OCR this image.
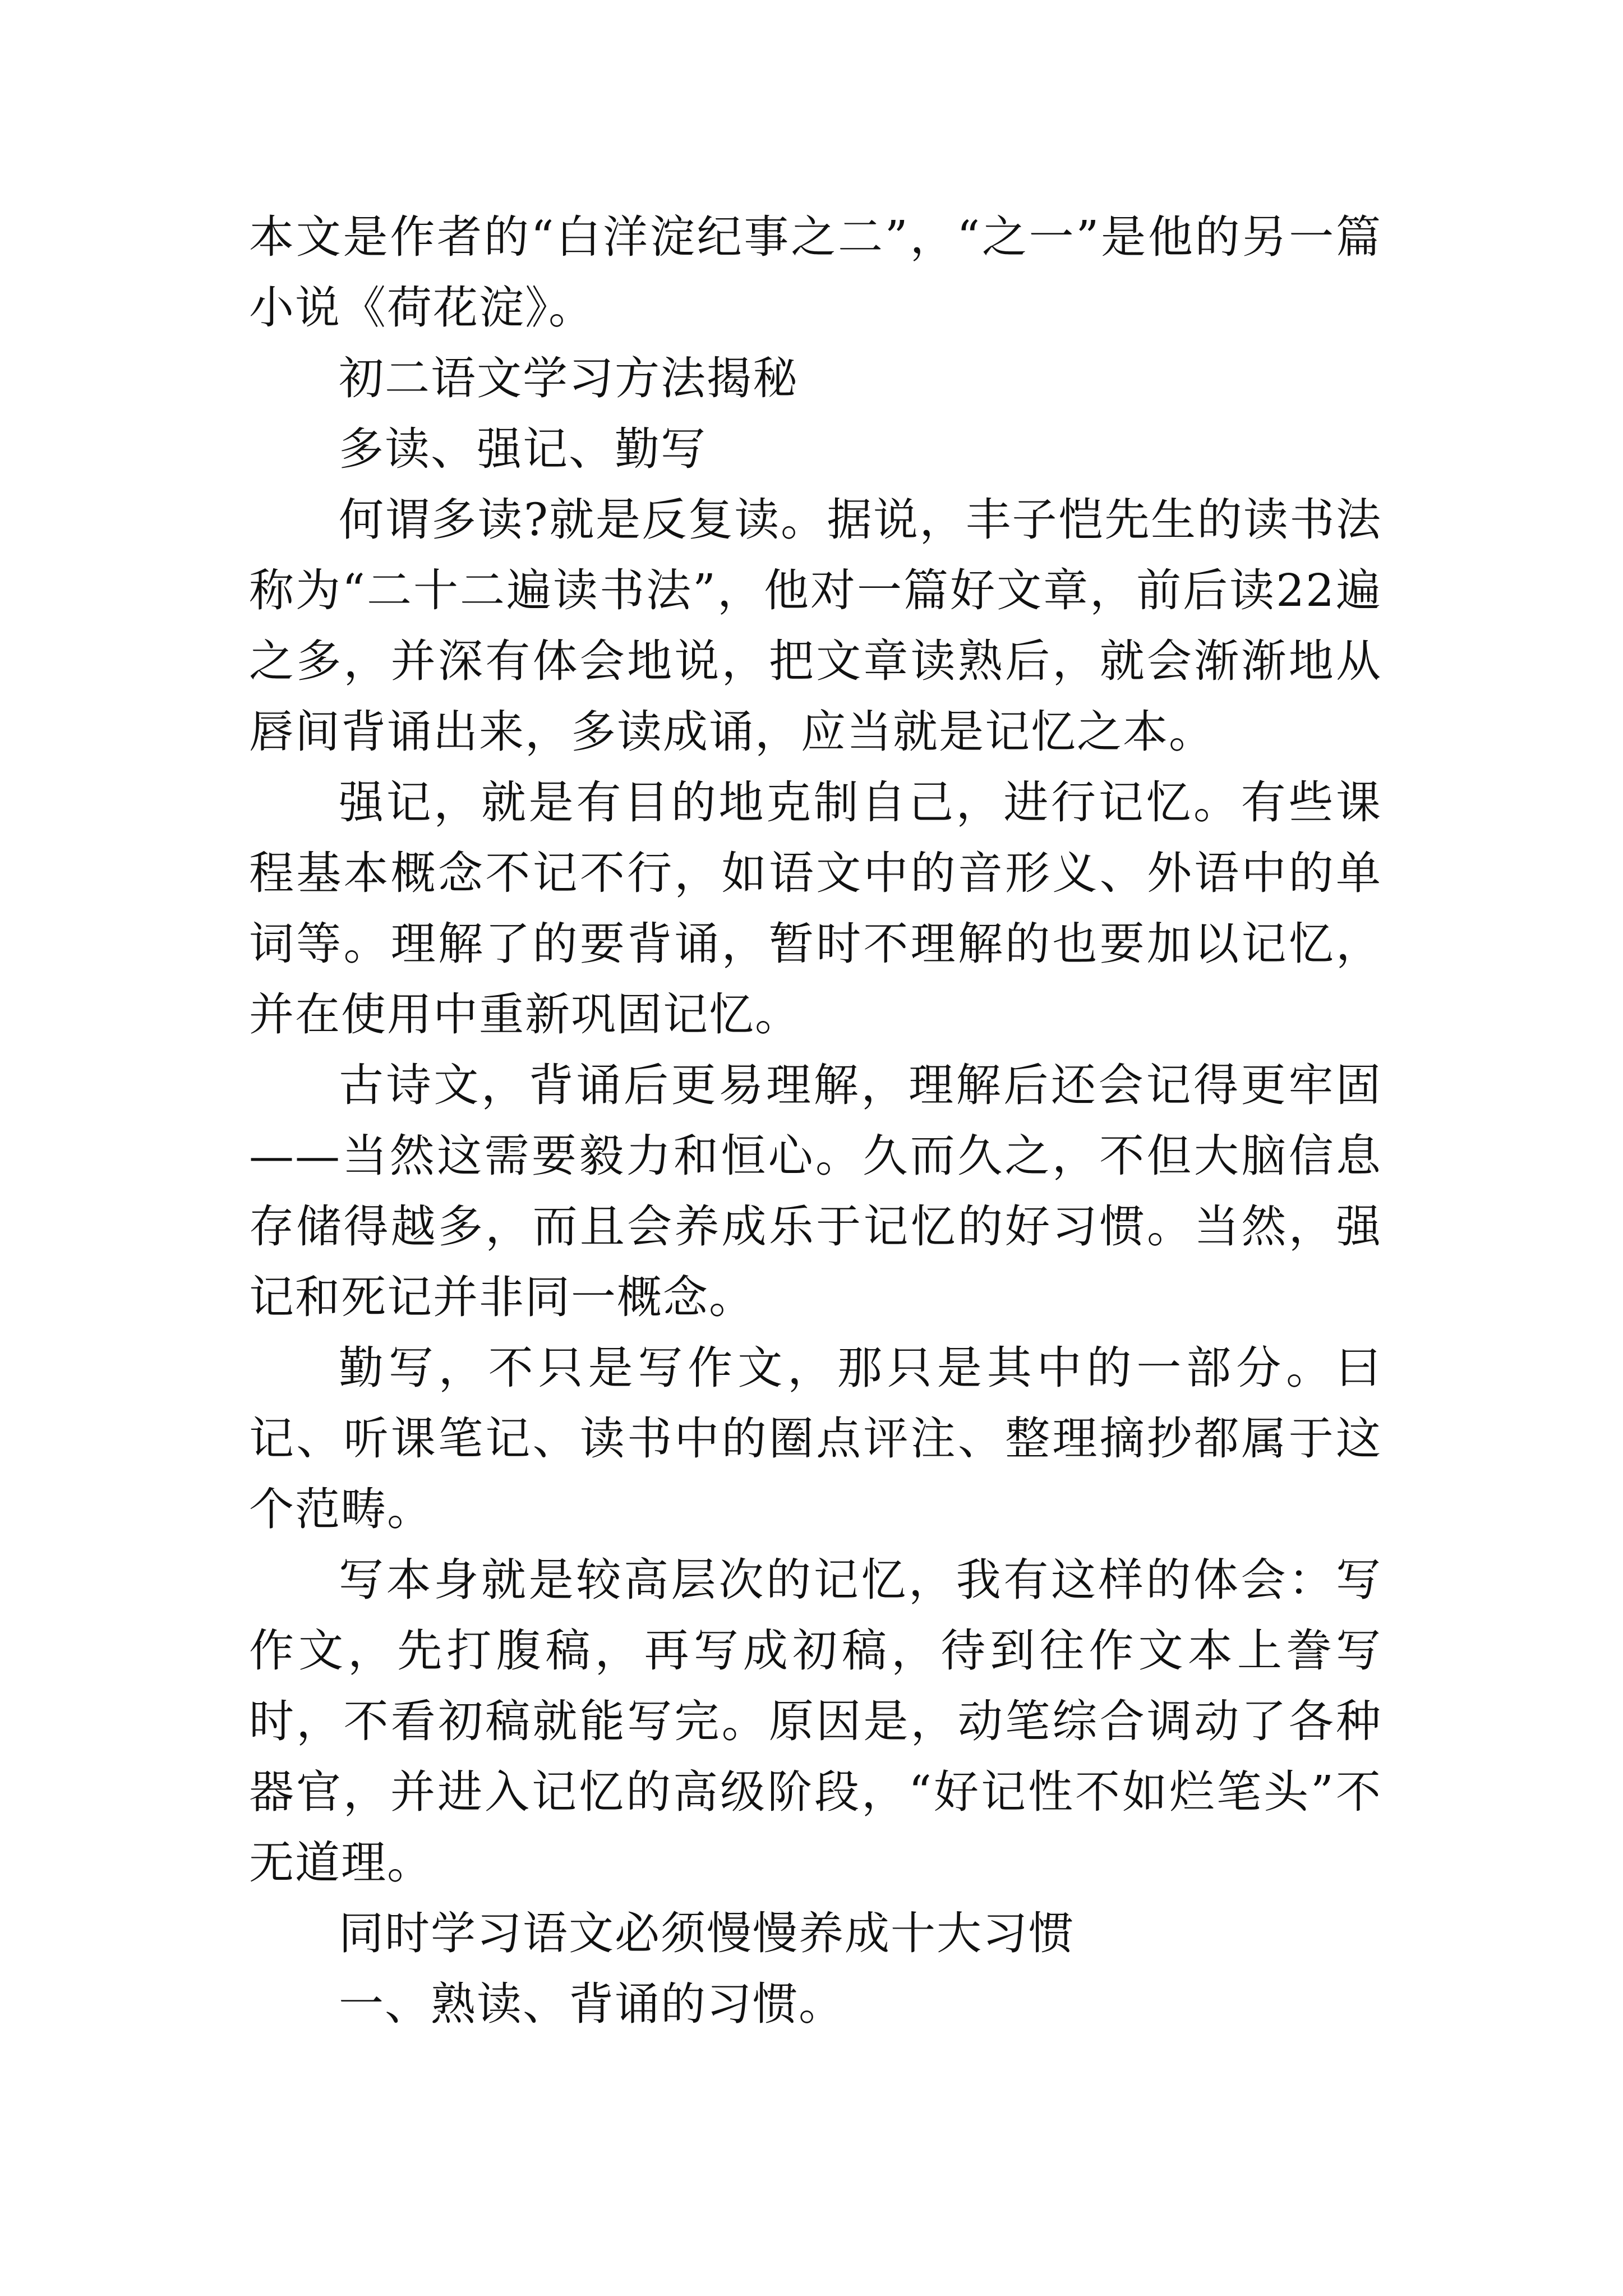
本文是作者的“白洋淀纪事之二”，“之一”是他的另一篇小说《荷花淀》。

初二语文学习方法揭秘

多读、强记、勤写

何谓多读?就是反复读。据说，丰子恺先生的读书法称为“二十二遍读书法”，他对一篇好文章，前后读22遍之多，并深有体会地说，把文章读熟后，就会渐渐地从唇间背诵出来，多读成诵，应当就是记忆之本。

强记，就是有目的地克制自己，进行记忆。有些课程基本概念不记不行，如语文中的音形义、外语中的单词等。理解了的要背诵，暂时不理解的也要加以记忆，并在使用中重新巩固记忆。

古诗文，背诵后更易理解，理解后还会记得更牢固——当然这需要毅力和恒心。久而久之，不但大脑信息存储得越多，而且会养成乐于记忆的好习惯。当然，强记和死记并非同一概念。

勤写，不只是写作文，那只是其中的一部分。曰记、听课笔记、读书中的圈点评注、整理摘抄都属于这个范畴。

写本身就是较高层次的记忆，我有这样的体会：写作文，先打腹稿，再写成初稿，待到往作文本上誊写时，不看初稿就能写完。原因是，动笔综合调动了各种器官，并进入记忆的高级阶段，“好记性不如烂笔头”不无道理。

同时学习语文必须慢慢养成十大习惯

一、熟读、背诵的习惯。
